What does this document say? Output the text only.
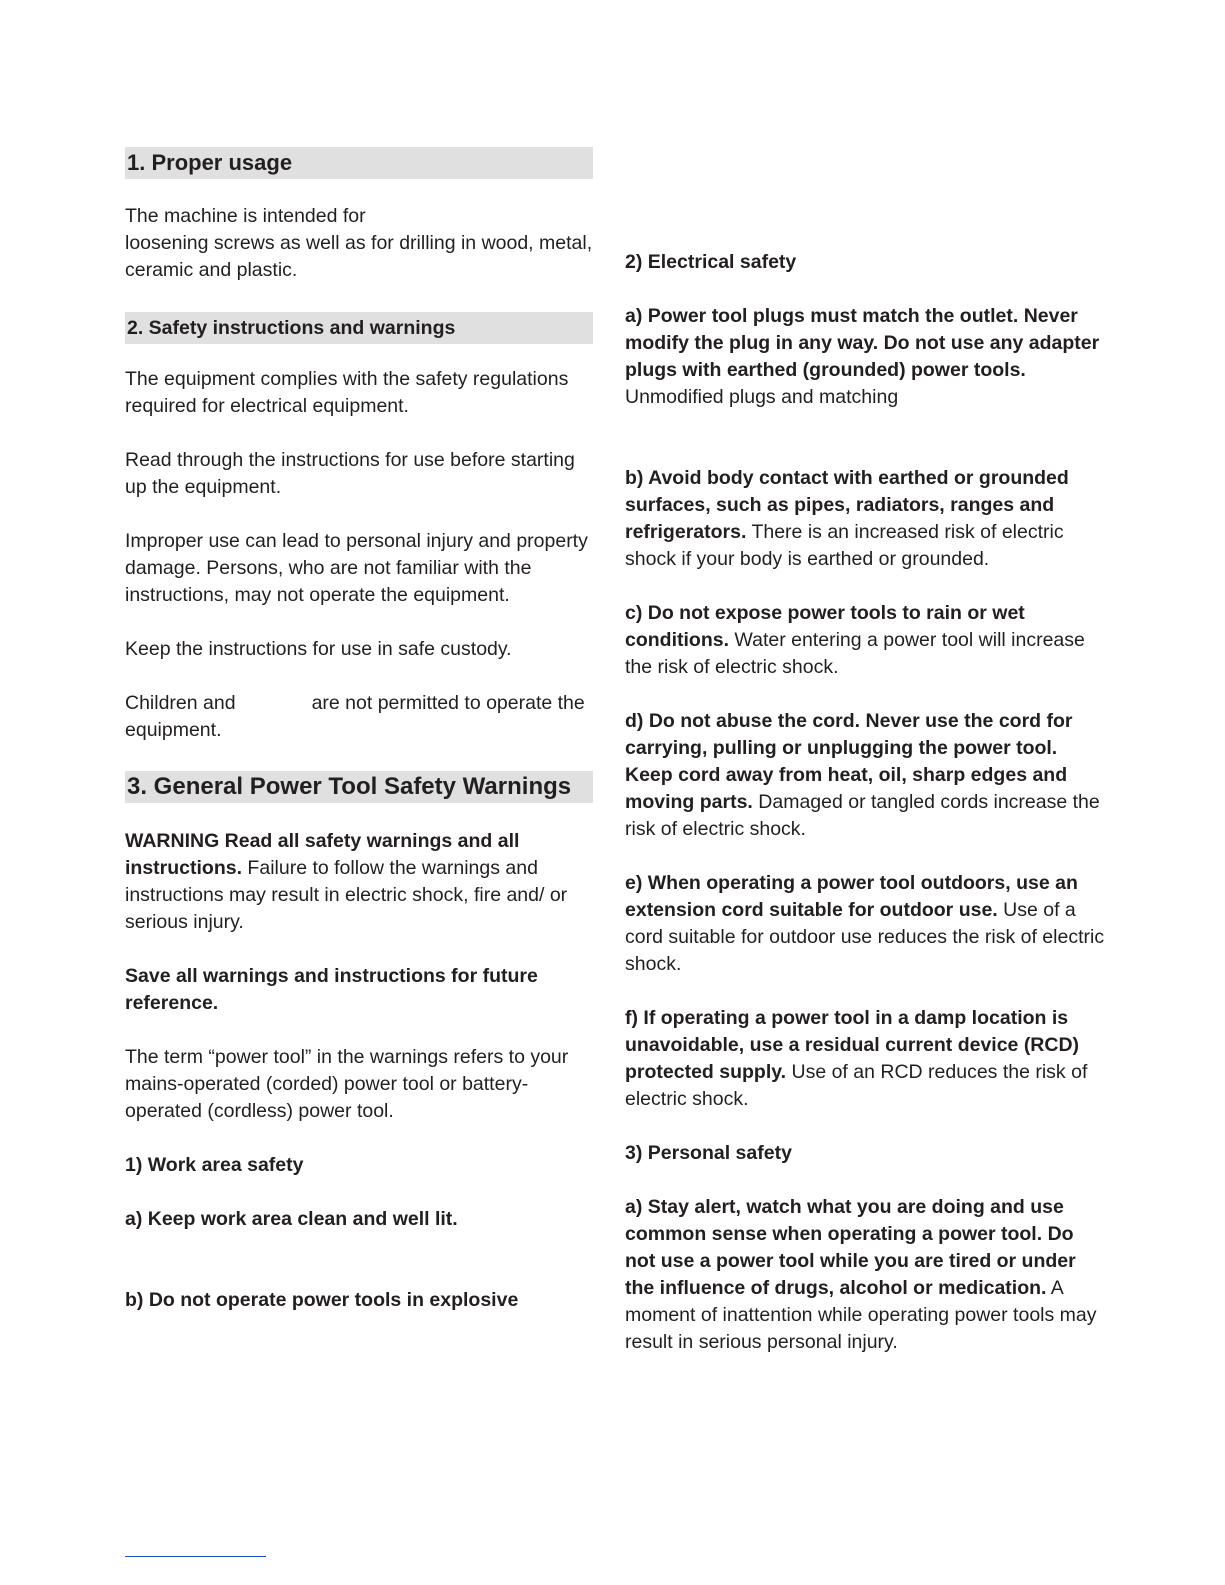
1. Proper usage

The machine is intended for

loosening screws as well as for drilling in wood, metal, ceramic and plastic.

2. Safety instructions and warnings

The equipment complies with the safety regulations required for electrical equipment.

Read through the instructions for use before starting up the equipment.

Improper use can lead to personal injury and property damage. Persons, who are not familiar with the instructions, may not operate the equipment.

Keep the instructions for use in safe custody.

Children and	are not permitted to operate the equipment.

3. General Power Tool Safety Warnings

WARNING Read all safety warnings and all instructions. Failure to follow the warnings and instructions may result in electric shock, fire and/ or serious injury.

Save all warnings and instructions for future reference.

The term “power tool” in the warnings refers to your mains-operated (corded) power tool or battery-operated (cordless) power tool.

1) Work area safety

a) Keep work area clean and well lit.

b) Do not operate power tools in explosive

2) Electrical safety

a) Power tool plugs must match the outlet. Never modify the plug in any way. Do not use any adapter plugs with earthed (grounded) power tools. Unmodified plugs and matching

b) Avoid body contact with earthed or grounded surfaces, such as pipes, radiators, ranges and refrigerators. There is an increased risk of electric shock if your body is earthed or grounded.

c) Do not expose power tools to rain or wet conditions. Water entering a power tool will increase the risk of electric shock.

d) Do not abuse the cord. Never use the cord for carrying, pulling or unplugging the power tool. Keep cord away from heat, oil, sharp edges and moving parts. Damaged or tangled cords increase the risk of electric shock.

e) When operating a power tool outdoors, use an extension cord suitable for outdoor use. Use of a cord suitable for outdoor use reduces the risk of electric shock.

f) If operating a power tool in a damp location is unavoidable, use a residual current device (RCD) protected supply. Use of an RCD reduces the risk of electric shock.

3) Personal safety

a) Stay alert, watch what you are doing and use common sense when operating a power tool. Do not use a power tool while you are tired or under the influence of drugs, alcohol or medication. A moment of inattention while operating power tools may result in serious personal injury.
